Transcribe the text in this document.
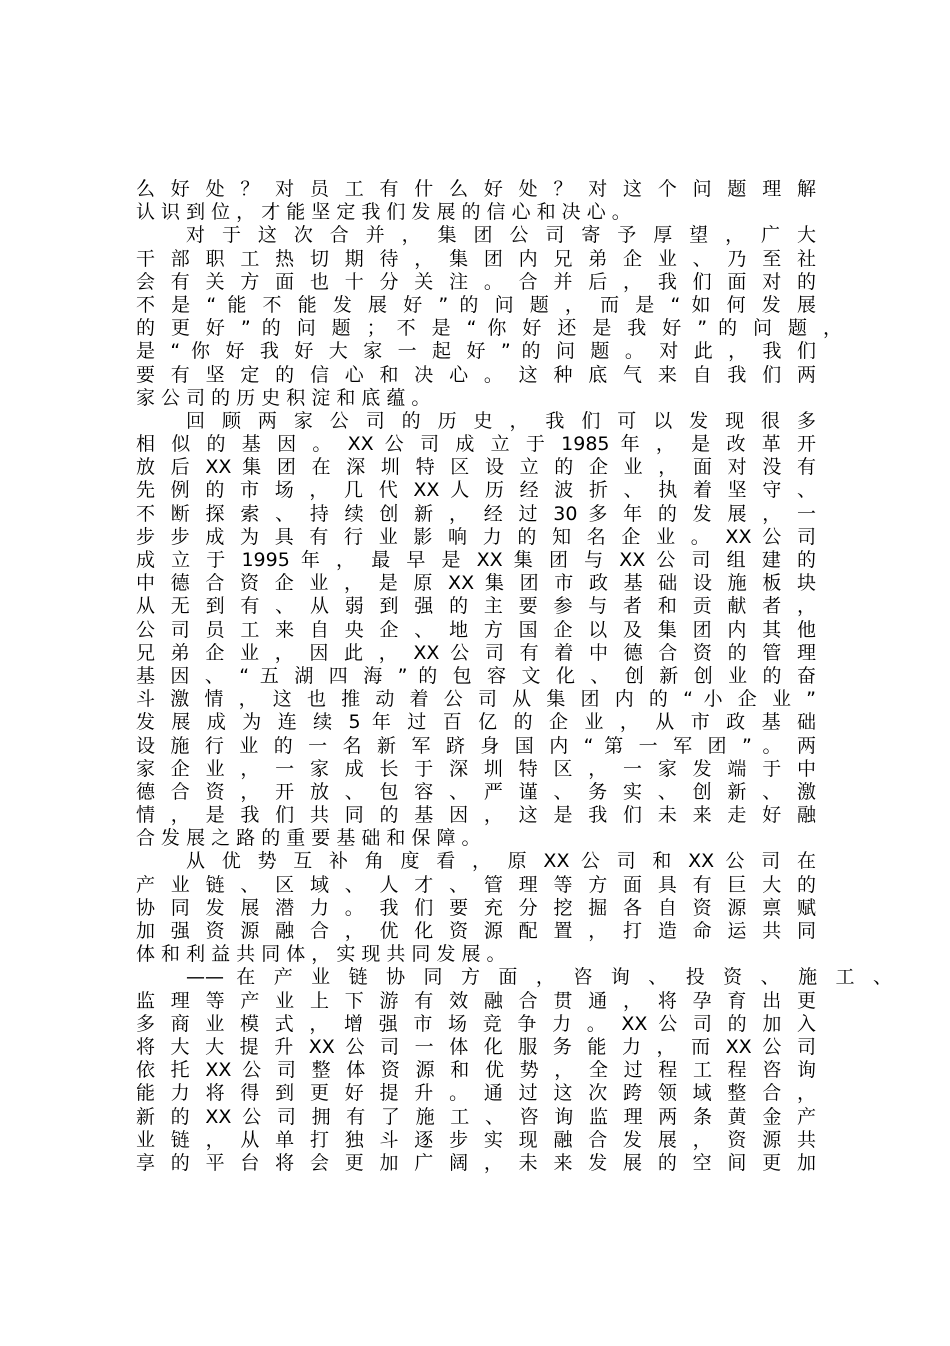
么 好 处 ？ 对 员 工 有 什 么 好 处 ？ 对 这 个 问 题 理 解
认 识 到 位 ， 才 能 坚 定 我 们 发 展 的 信 心 和 决 心 。
对 于 这 次 合 并 ， 集 团 公 司 寄 予 厚 望 ， 广 大
干 部 职 工 热 切 期 待 ， 集 团 内 兄 弟 企 业 、 乃 至 社
会 有 关 方 面 也 十 分 关 注 。 合 并 后 ， 我 们 面 对 的
不 是 “ 能 不 能 发 展 好 ” 的 问 题 ， 而 是 “ 如 何 发 展
的 更 好 ” 的 问 题 ； 不 是 “ 你 好 还 是 我 好 ” 的 问 题 ，
是 “ 你 好 我 好 大 家 一 起 好 ” 的 问 题 。 对 此 ， 我 们
要 有 坚 定 的 信 心 和 决 心 。 这 种 底 气 来 自 我 们 两
家 公 司 的 历 史 积 淀 和 底 蕴 。
回 顾 两 家 公 司 的 历 史 ， 我 们 可 以 发 现 很 多
相 似 的 基 因 。 XX 公 司 成 立 于 1985 年 ， 是 改 革 开
放 后 XX 集 团 在 深 圳 特 区 设 立 的 企 业 ， 面 对 没 有
先 例 的 市 场 ， 几 代 XX 人 历 经 波 折 、 执 着 坚 守 、
不 断 探 索 、 持 续 创 新 ， 经 过 30 多 年 的 发 展 ， 一
步 步 成 为 具 有 行 业 影 响 力 的 知 名 企 业 。 XX 公 司
成 立 于 1995 年 ， 最 早 是 XX 集 团 与 XX 公 司 组 建 的
中 德 合 资 企 业 ， 是 原 XX 集 团 市 政 基 础 设 施 板 块
从 无 到 有 、 从 弱 到 强 的 主 要 参 与 者 和 贡 献 者 ，
公 司 员 工 来 自 央 企 、 地 方 国 企 以 及 集 团 内 其 他
兄 弟 企 业 ， 因 此 ， XX 公 司 有 着 中 德 合 资 的 管 理
基 因 、 “ 五 湖 四 海 ” 的 包 容 文 化 、 创 新 创 业 的 奋
斗 激 情 ， 这 也 推 动 着 公 司 从 集 团 内 的 “ 小 企 业 ”
发 展 成 为 连 续 5 年 过 百 亿 的 企 业 ， 从 市 政 基 础
设 施 行 业 的 一 名 新 军 跻 身 国 内 “ 第 一 军 团 ” 。 两
家 企 业 ， 一 家 成 长 于 深 圳 特 区 ， 一 家 发 端 于 中
德 合 资 ， 开 放 、 包 容 、 严 谨 、 务 实 、 创 新 、 激
情 ， 是 我 们 共 同 的 基 因 ， 这 是 我 们 未 来 走 好 融
合 发 展 之 路 的 重 要 基 础 和 保 障 。
从 优 势 互 补 角 度 看 ， 原 XX 公 司 和 XX 公 司 在
产 业 链 、 区 域 、 人 才 、 管 理 等 方 面 具 有 巨 大 的
协 同 发 展 潜 力 。 我 们 要 充 分 挖 掘 各 自 资 源 禀 赋
加 强 资 源 融 合 ， 优 化 资 源 配 置 ， 打 造 命 运 共 同
体 和 利 益 共 同 体 ， 实 现 共 同 发 展 。
—— 在 产 业 链 协 同 方 面 ， 咨 询 、 投 资 、 施 工 、
监 理 等 产 业 上 下 游 有 效 融 合 贯 通 ， 将 孕 育 出 更
多 商 业 模 式 ， 增 强 市 场 竞 争 力 。 XX 公 司 的 加 入
将 大 大 提 升 XX 公 司 一 体 化 服 务 能 力 ， 而 XX 公 司
依 托 XX 公 司 整 体 资 源 和 优 势 ， 全 过 程 工 程 咨 询
能 力 将 得 到 更 好 提 升 。 通 过 这 次 跨 领 域 整 合 ，
新 的 XX 公 司 拥 有 了 施 工 、 咨 询 监 理 两 条 黄 金 产
业 链 ， 从 单 打 独 斗 逐 步 实 现 融 合 发 展 ， 资 源 共
享 的 平 台 将 会 更 加 广 阔 ， 未 来 发 展 的 空 间 更 加
